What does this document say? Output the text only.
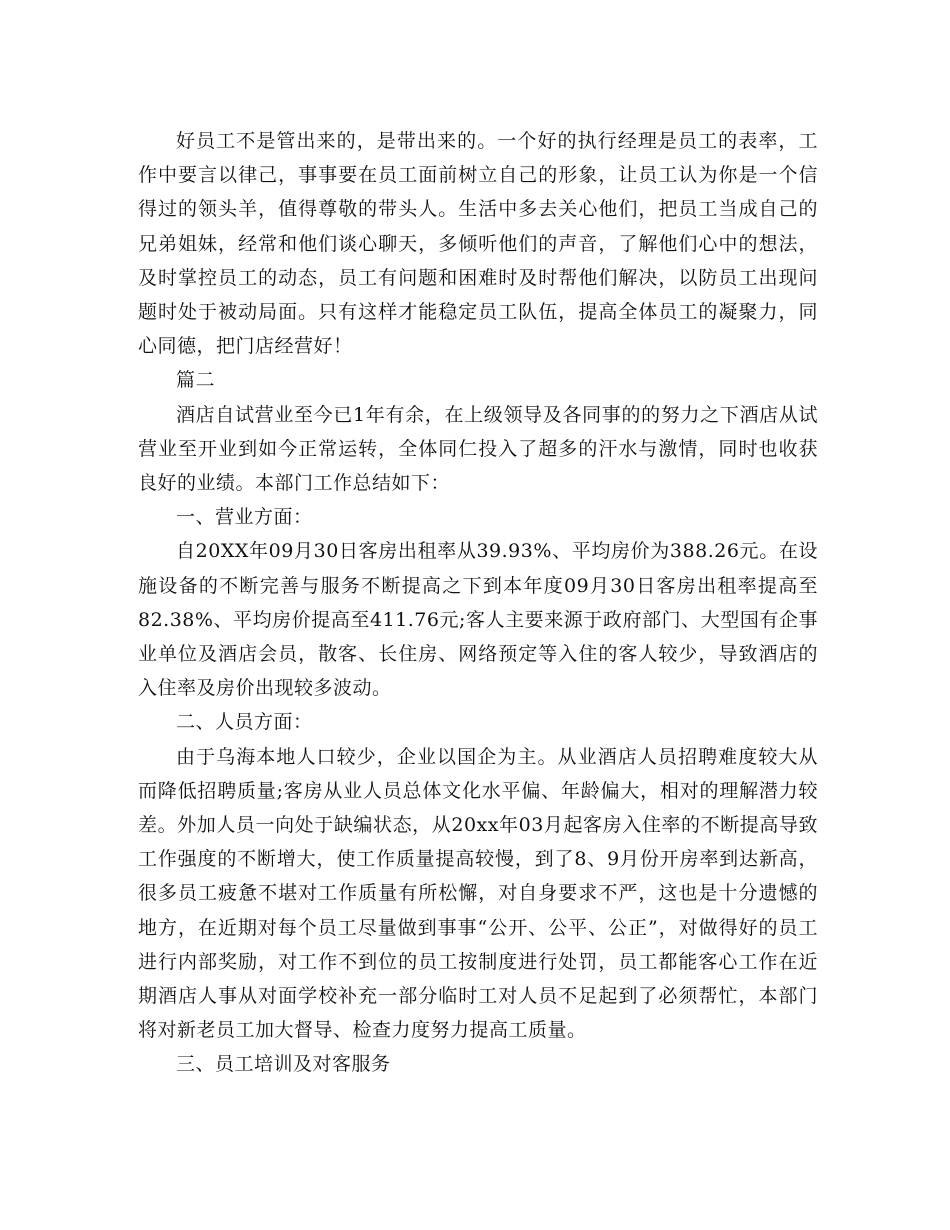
好员工不是管出来的，是带出来的。一个好的执行经理是员工的表率，工作中要言以律己，事事要在员工面前树立自己的形象，让员工认为你是一个信得过的领头羊，值得尊敬的带头人。生活中多去关心他们，把员工当成自己的兄弟姐妹，经常和他们谈心聊天，多倾听他们的声音，了解他们心中的想法，及时掌控员工的动态，员工有问题和困难时及时帮他们解决，以防员工出现问题时处于被动局面。只有这样才能稳定员工队伍，提高全体员工的凝聚力，同心同德，把门店经营好！

篇二

酒店自试营业至今已1年有余，在上级领导及各同事的的努力之下酒店从试营业至开业到如今正常运转，全体同仁投入了超多的汗水与激情，同时也收获良好的业绩。本部门工作总结如下：

一、营业方面：

自20XX年09月30日客房出租率从39.93%、平均房价为388.26元。在设施设备的不断完善与服务不断提高之下到本年度09月30日客房出租率提高至82.38%、平均房价提高至411.76元;客人主要来源于政府部门、大型国有企事业单位及酒店会员，散客、长住房、网络预定等入住的客人较少，导致酒店的入住率及房价出现较多波动。

二、人员方面：

由于乌海本地人口较少，企业以国企为主。从业酒店人员招聘难度较大从而降低招聘质量;客房从业人员总体文化水平偏、年龄偏大，相对的理解潜力较差。外加人员一向处于缺编状态，从20xx年03月起客房入住率的不断提高导致工作强度的不断增大，使工作质量提高较慢，到了8、9月份开房率到达新高，很多员工疲惫不堪对工作质量有所松懈，对自身要求不严，这也是十分遗憾的地方，在近期对每个员工尽量做到事事“公开、公平、公正”，对做得好的员工进行内部奖励，对工作不到位的员工按制度进行处罚，员工都能客心工作在近期酒店人事从对面学校补充一部分临时工对人员不足起到了必须帮忙，本部门将对新老员工加大督导、检查力度努力提高工质量。

三、员工培训及对客服务
